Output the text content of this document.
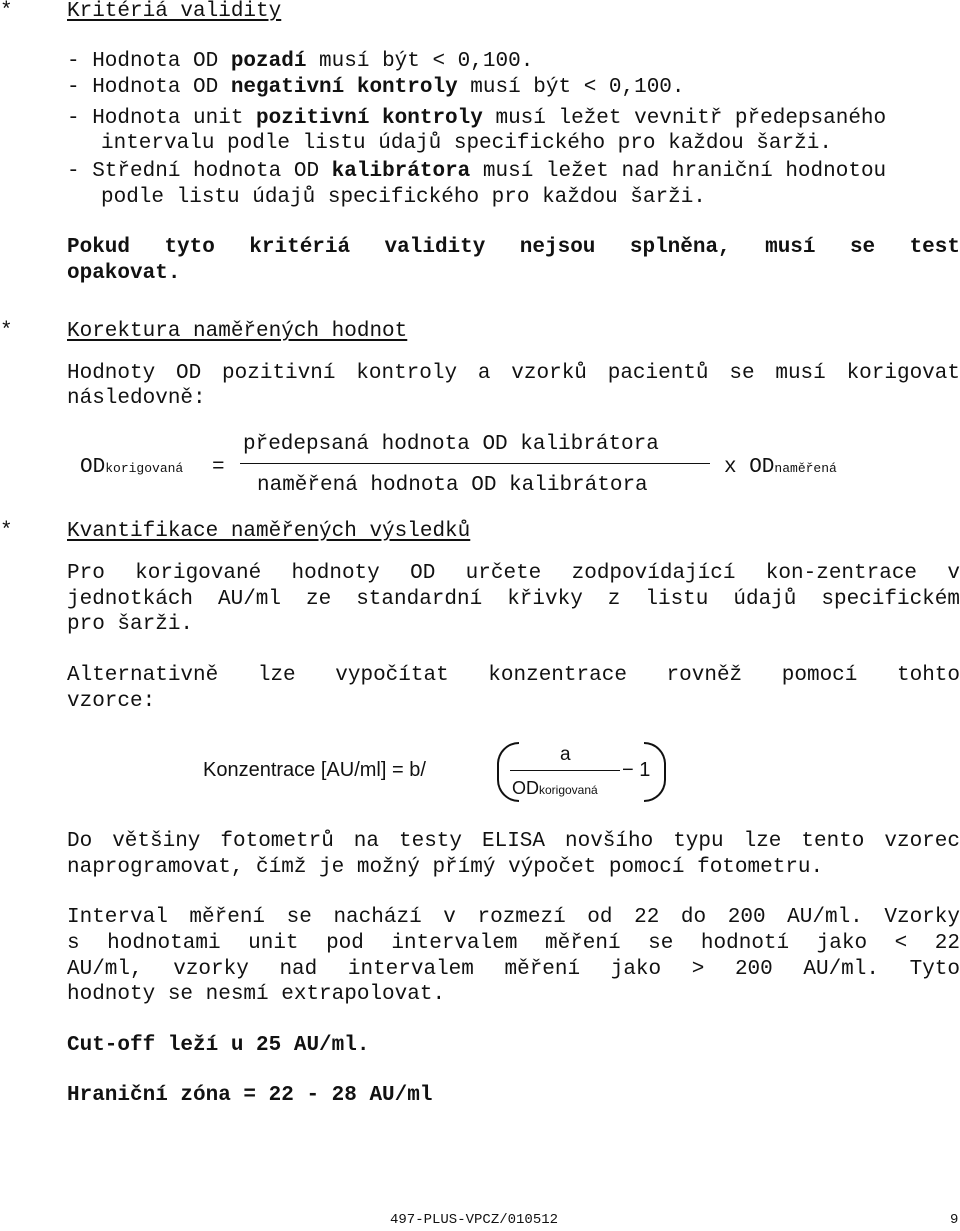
*	Kritériá validity
- Hodnota OD pozadí musí být < 0,100.
- Hodnota OD negativní kontroly musí být < 0,100.
- Hodnota unit pozitivní kontroly musí ležet vevnitř předepsaného
intervalu podle listu údajů specifického pro každou šarži.
- Střední hodnota OD kalibrátora musí ležet nad hraniční hodnotou
podle listu údajů specifického pro každou šarži.
Pokud tyto kritériá validity nejsou splněna, musí se test
opakovat.
*	Korektura naměřených hodnot
Hodnoty OD pozitivní kontroly a vzorků pacientů se musí korigovat
následovně:
ODkorigovaná =
předepsaná hodnota OD kalibrátora
naměřená hodnota OD kalibrátora
x ODnaměřená
*	Kvantifikace naměřených výsledků
Pro korigované hodnoty OD určete zodpovídající kon-zentrace v
jednotkách AU/ml ze standardní křivky z listu údajů specifickém
pro šarži.
Alternativně lze vypočítat konzentrace rovněž pomocí tohto
vzorce:
Konzentrace [AU/ml] = b/
a
ODkorigovaná
− 1
Do většiny fotometrů na testy ELISA novšího typu lze tento vzorec
naprogramovat, čímž je možný přímý výpočet pomocí fotometru.
Interval měření se nachází v rozmezí od 22 do 200 AU/ml. Vzorky
s hodnotami unit pod intervalem měření se hodnotí jako < 22
AU/ml, vzorky nad intervalem měření jako > 200 AU/ml. Tyto
hodnoty se nesmí extrapolovat.
Cut-off leží u 25 AU/ml.
Hraniční zóna = 22 - 28 AU/ml
497-PLUS-VPCZ/010512	9
